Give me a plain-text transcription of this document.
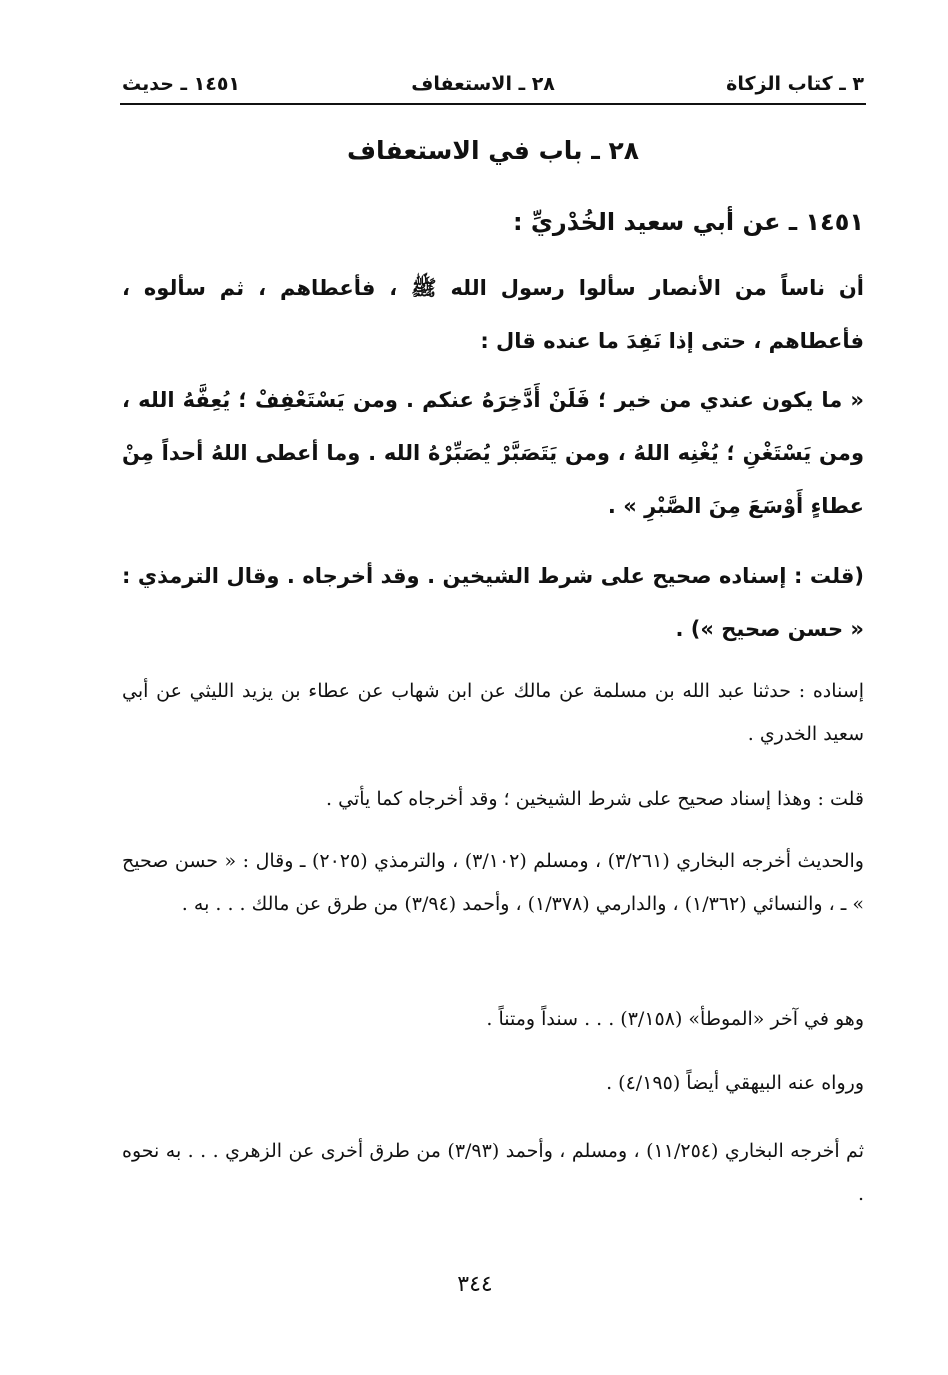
٣ ـ كتاب الزكاة
٢٨ ـ الاستعفاف
١٤٥١ ـ حديث
٢٨ ـ باب في الاستعفاف
١٤٥١ ـ عن أبي سعيد الخُدْريِّ :
أن ناساً من الأنصار سألوا رسول الله ﷺ ، فأعطاهم ، ثم سألوه ، فأعطاهم ، حتى إذا نَفِدَ ما عنده قال :
« ما يكون عندي من خير ؛ فَلَنْ أَدَّخِرَهُ عنكم . ومن يَسْتَعْفِفْ ؛ يُعِفَّهُ الله ، ومن يَسْتَغْنِ ؛ يُغْنِه اللهُ ، ومن يَتَصَبَّرْ يُصَبِّرْهُ الله . وما أعطى اللهُ أحداً مِنْ عطاءٍ أَوْسَعَ مِنَ الصَّبْرِ » .
(قلت : إسناده صحيح على شرط الشيخين . وقد أخرجاه . وقال الترمذي : « حسن صحيح ») .
إسناده : حدثنا عبد الله بن مسلمة عن مالك عن ابن شهاب عن عطاء بن يزيد الليثي عن أبي سعيد الخدري .
قلت : وهذا إسناد صحيح على شرط الشيخين ؛ وقد أخرجاه كما يأتي .
والحديث أخرجه البخاري (٣/٢٦١) ، ومسلم (٣/١٠٢) ، والترمذي (٢٠٢٥) ـ وقال : « حسن صحيح » ـ ، والنسائي (١/٣٦٢) ، والدارمي (١/٣٧٨) ، وأحمد (٣/٩٤) من طرق عن مالك . . . به .
وهو في آخر «الموطأ» (٣/١٥٨) . . . سنداً ومتناً .
ورواه عنه البيهقي أيضاً (٤/١٩٥) .
ثم أخرجه البخاري (١١/٢٥٤) ، ومسلم ، وأحمد (٣/٩٣) من طرق أخرى عن الزهري . . . به نحوه .
٣٤٤
